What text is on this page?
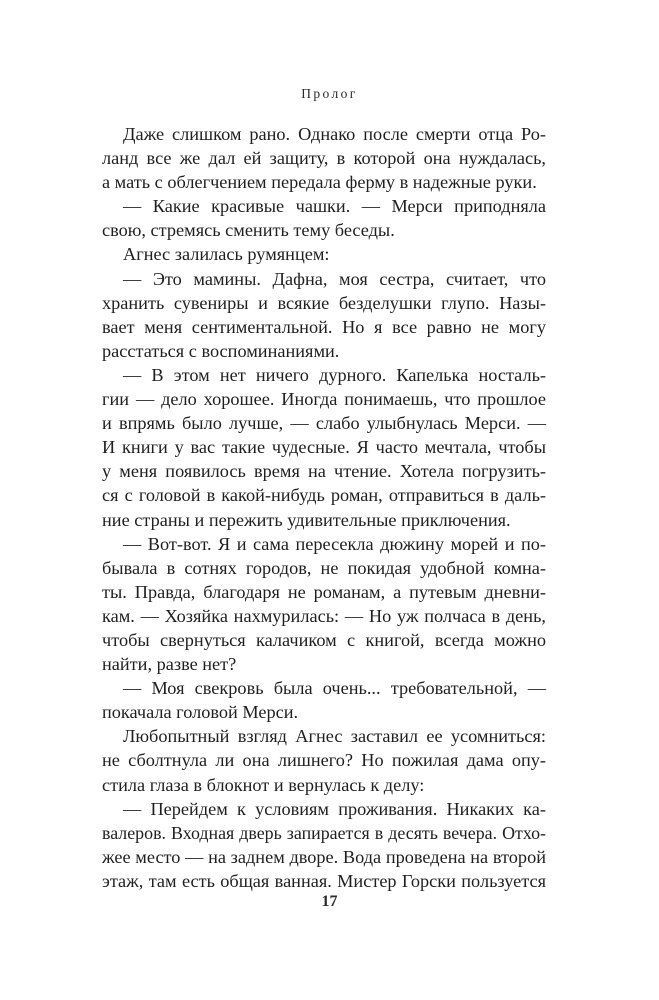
Пролог
Даже слишком рано. Однако после смерти отца Ро-
ланд все же дал ей защиту, в которой она нуждалась,
а мать с облегчением передала ферму в надежные руки.
— Какие красивые чашки. — Мерси приподняла
свою, стремясь сменить тему беседы.
Агнес залилась румянцем:
— Это мамины. Дафна, моя сестра, считает, что
хранить сувениры и всякие безделушки глупо. Назы-
вает меня сентиментальной. Но я все равно не могу
расстаться с воспоминаниями.
— В этом нет ничего дурного. Капелька носталь-
гии — дело хорошее. Иногда понимаешь, что прошлое
и впрямь было лучше, — слабо улыбнулась Мерси. —
И книги у вас такие чудесные. Я часто мечтала, чтобы
у меня появилось время на чтение. Хотела погрузить-
ся с головой в какой-нибудь роман, отправиться в даль-
ние страны и пережить удивительные приключения.
— Вот-вот. Я и сама пересекла дюжину морей и по-
бывала в сотнях городов, не покидая удобной комна-
ты. Правда, благодаря не романам, а путевым дневни-
кам. — Хозяйка нахмурилась: — Но уж полчаса в день,
чтобы свернуться калачиком с книгой, всегда можно
найти, разве нет?
— Моя свекровь была очень... требовательной, —
покачала головой Мерси.
Любопытный взгляд Агнес заставил ее усомниться:
не сболтнула ли она лишнего? Но пожилая дама опу-
стила глаза в блокнот и вернулась к делу:
— Перейдем к условиям проживания. Никаких ка-
валеров. Входная дверь запирается в десять вечера. Отхо-
жее место — на заднем дворе. Вода проведена на второй
этаж, там есть общая ванная. Мистер Горски пользуется
17
